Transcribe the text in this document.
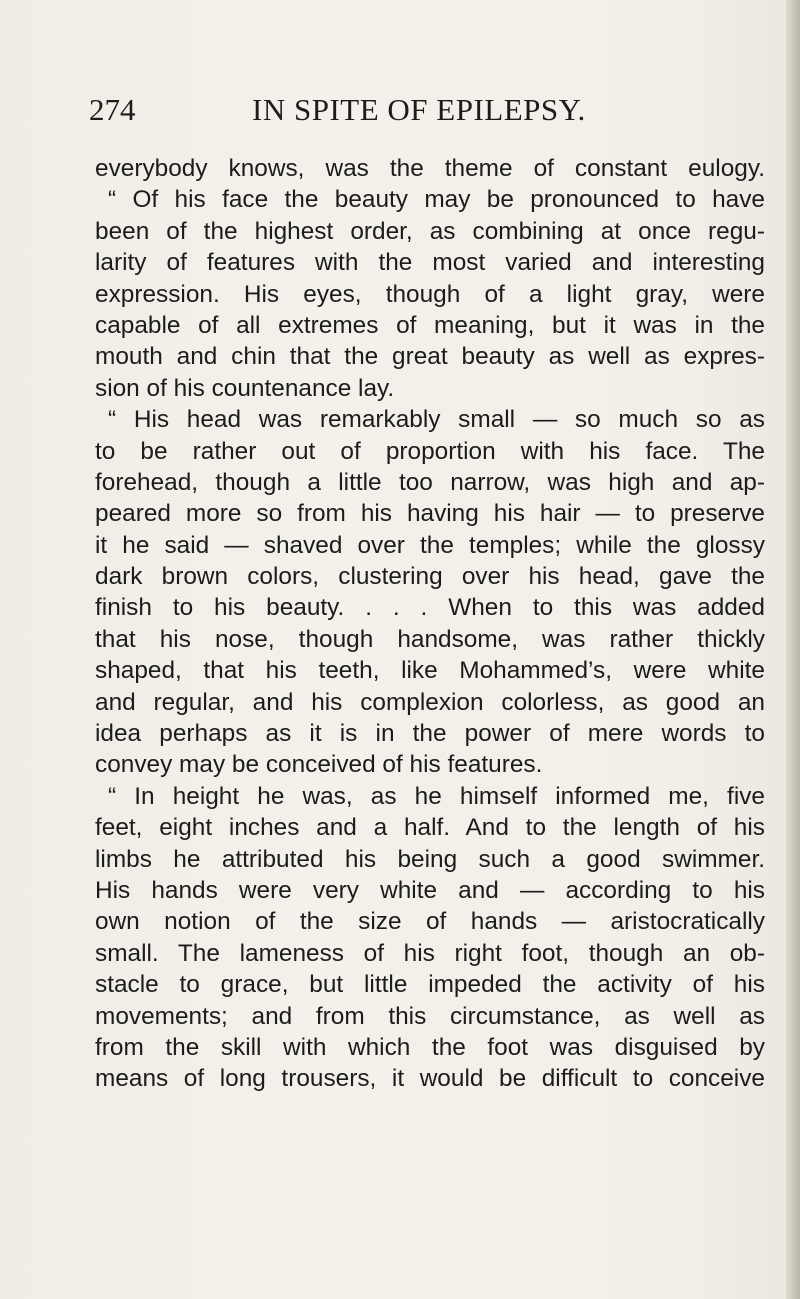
274	IN SPITE OF EPILEPSY.
everybody knows, was the theme of constant eulogy.
“ Of his face the beauty may be pronounced to have
been of the highest order, as combining at once regu-
larity of features with the most varied and interesting
expression. His eyes, though of a light gray, were
capable of all extremes of meaning, but it was in the
mouth and chin that the great beauty as well as expres-
sion of his countenance lay.
“ His head was remarkably small — so much so as
to be rather out of proportion with his face. The
forehead, though a little too narrow, was high and ap-
peared more so from his having his hair — to preserve
it he said — shaved over the temples; while the glossy
dark brown colors, clustering over his head, gave the
finish to his beauty. . . . When to this was added
that his nose, though handsome, was rather thickly
shaped, that his teeth, like Mohammed’s, were white
and regular, and his complexion colorless, as good an
idea perhaps as it is in the power of mere words to
convey may be conceived of his features.
“ In height he was, as he himself informed me, five
feet, eight inches and a half. And to the length of his
limbs he attributed his being such a good swimmer.
His hands were very white and — according to his
own notion of the size of hands — aristocratically
small. The lameness of his right foot, though an ob-
stacle to grace, but little impeded the activity of his
movements; and from this circumstance, as well as
from the skill with which the foot was disguised by
means of long trousers, it would be difficult to conceive
